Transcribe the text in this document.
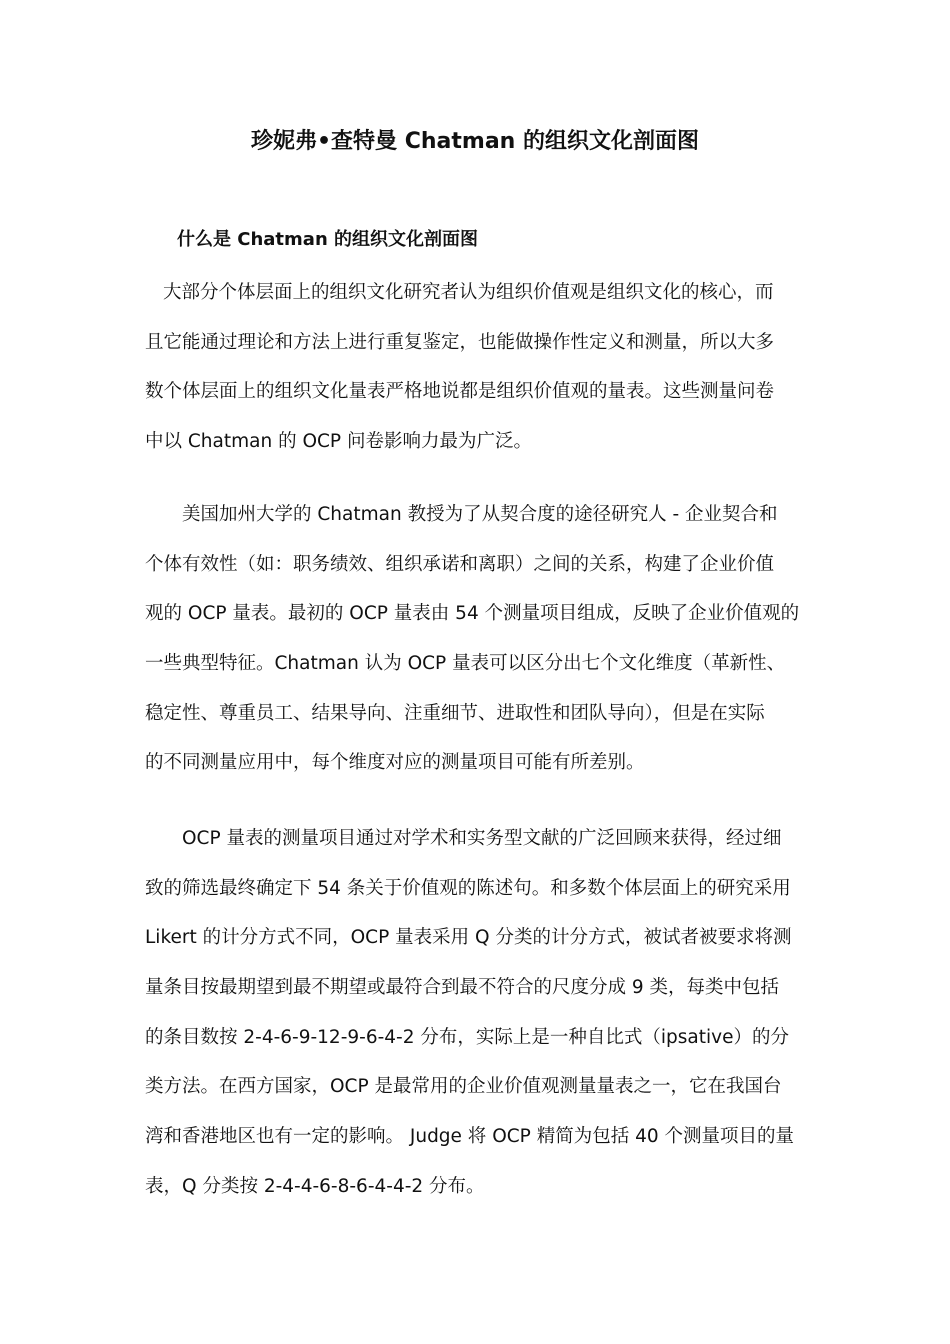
珍妮弗•查特曼 Chatman 的组织文化剖面图
什么是 Chatman 的组织文化剖面图
大部分个体层面上的组织文化研究者认为组织价值观是组织文化的核心，而
且它能通过理论和方法上进行重复鉴定，也能做操作性定义和测量，所以大多
数个体层面上的组织文化量表严格地说都是组织价值观的量表。这些测量问卷
中以 Chatman 的 OCP 问卷影响力最为广泛。
美国加州大学的 Chatman 教授为了从契合度的途径研究人 - 企业契合和
个体有效性（如：职务绩效、组织承诺和离职）之间的关系，构建了企业价值
观的 OCP 量表。最初的 OCP 量表由 54 个测量项目组成，反映了企业价值观的
一些典型特征。Chatman 认为 OCP 量表可以区分出七个文化维度（革新性、
稳定性、尊重员工、结果导向、注重细节、进取性和团队导向），但是在实际
的不同测量应用中，每个维度对应的测量项目可能有所差别。
OCP 量表的测量项目通过对学术和实务型文献的广泛回顾来获得，经过细
致的筛选最终确定下 54 条关于价值观的陈述句。和多数个体层面上的研究采用
Likert 的计分方式不同，OCP 量表采用 Q 分类的计分方式，被试者被要求将测
量条目按最期望到最不期望或最符合到最不符合的尺度分成 9 类，每类中包括
的条目数按 2-4-6-9-12-9-6-4-2 分布，实际上是一种自比式（ipsative）的分
类方法。在西方国家，OCP 是最常用的企业价值观测量量表之一，它在我国台
湾和香港地区也有一定的影响。 Judge 将 OCP 精简为包括 40 个测量项目的量
表，Q 分类按 2-4-4-6-8-6-4-4-2 分布。
